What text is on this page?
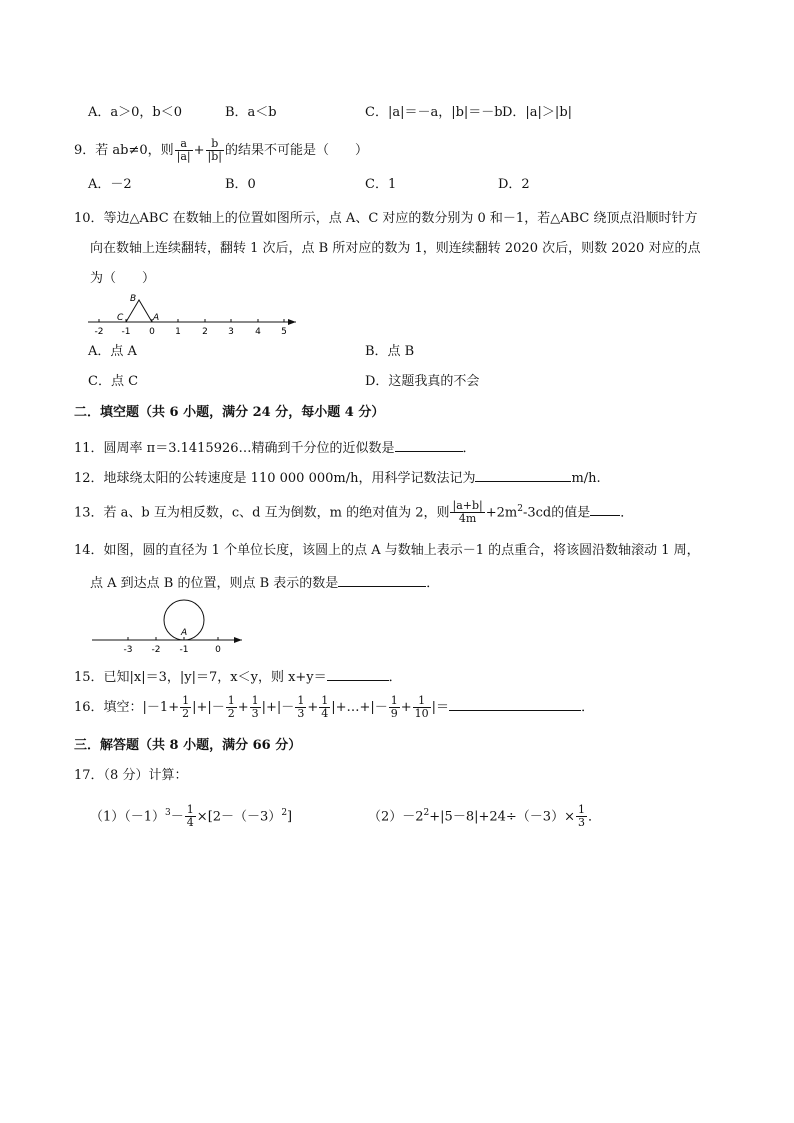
A．a＞0，b＜0	B．a＜b	C．|a|＝－a，|b|＝－b D．|a|＞|b|
9．若 ab≠0，则 $\frac{a}{|a|} + \frac{b}{|b|}$ 的结果不可能是（　　）
A．－2	B．0	C．1	D．2
10．等边△ABC 在数轴上的位置如图所示，点 A、C 对应的数分别为 0 和－1，若△ABC 绕顶点沿顺时针方
向在数轴上连续翻转，翻转 1 次后，点 B 所对应的数为 1，则连续翻转 2020 次后，则数 2020 对应的点
为（　　）
B
C	A
-2 -1 0 1 2 3 4 5
A．点 A	B．点 B
C．点 C	D．这题我真的不会
二．填空题（共 6 小题，满分 24 分，每小题 4 分）
11．圆周率 π＝3.1415926…精确到千分位的近似数是	．
12．地球绕太阳的公转速度是 110 000 000m/h，用科学记数法记为	m/h.
13．若 a、b 互为相反数，c、d 互为倒数，m 的绝对值为 2，则 $\frac{|a+b|}{4m} +2m^2-3cd$的值是 ．
14．如图，圆的直径为 1 个单位长度，该圆上的点 A 与数轴上表示－1 的点重合，将该圆沿数轴滚动 1 周，
点 A 到达点 B 的位置，则点 B 表示的数是	．
A
-3 -2 -1	0
15．已知|x|＝3，|y|＝7，x＜y，则 x+y＝	．
16．填空：$|-1+ \frac{1}{2}$ |+|－ $\frac{1}{2} + \frac{1}{3}$ |+|－ $\frac{1}{3} + \frac{1}{4}$ |+…+|－ $\frac{1}{9} + \frac{1}{10}$ |＝	．
三．解答题（共 8 小题，满分 66 分）
17．（8 分）计算：
$(1)(-1)^3- \frac{1}{4} \times[2-(-3)^2]$	$(2)-2^2+|5-8|+24\div(-3)\times \frac{1}{3}$ ．
